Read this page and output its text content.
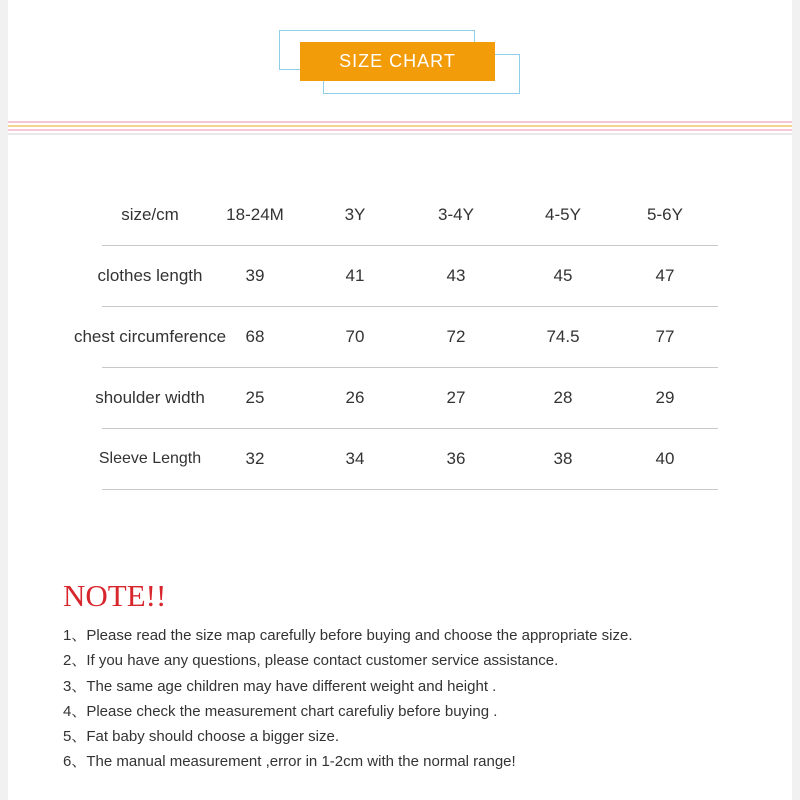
SIZE CHART
size/cm	18-24M	3Y	3-4Y	4-5Y	5-6Y
clothes length	39	41	43	45	47
chest circumference	68	70	72	74.5	77
shoulder width	25	26	27	28	29
Sleeve Length	32	34	36	38	40
NOTE!!
1、Please read the size map carefully before buying and choose the appropriate size.
2、If you have any questions, please contact customer service assistance.
3、The same age children may have different weight and height .
4、Please check the measurement chart carefuliy before buying .
5、Fat baby should choose a bigger size.
6、The manual measurement ,error in 1-2cm with the normal range!
